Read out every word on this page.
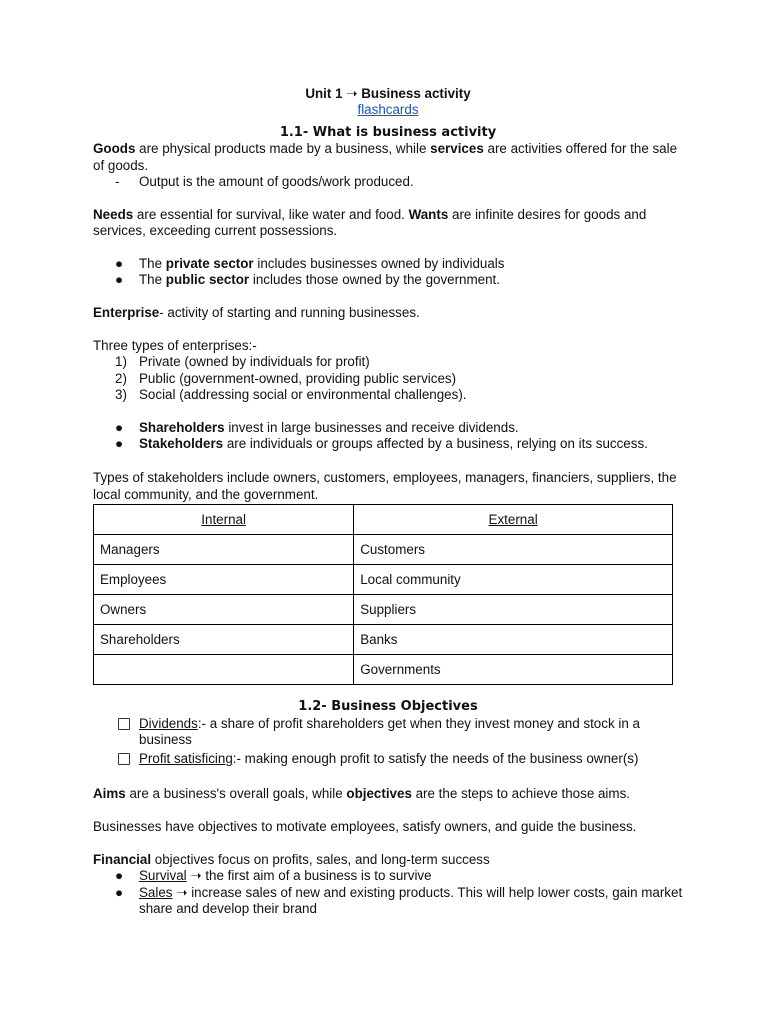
Unit 1 ➝ Business activity

flashcards

1.1- What is business activity

Goods are physical products made by a business, while services are activities offered for the sale of goods.

-	Output is the amount of goods/work produced.

Needs are essential for survival, like water and food. Wants are infinite desires for goods and services, exceeding current possessions.

●	The private sector includes businesses owned by individuals
●	The public sector includes those owned by the government.

Enterprise- activity of starting and running businesses.

Three types of enterprises:-

1) Private (owned by individuals for profit)
2) Public (government-owned, providing public services)
3) Social (addressing social or environmental challenges).
●	Shareholders invest in large businesses and receive dividends.
●	Stakeholders are individuals or groups affected by a business, relying on its success.

Types of stakeholders include owners, customers, employees, managers, financiers, suppliers, the local community, and the government.

Internal	External
Managers	Customers
Employees	Local community
Owners	Suppliers
Shareholders	Banks
	Governments

1.2- Business Objectives

Dividends:- a share of profit shareholders get when they invest money and stock in a business
Profit satisficing:- making enough profit to satisfy the needs of the business owner(s)

Aims are a business's overall goals, while objectives are the steps to achieve those aims.

Businesses have objectives to motivate employees, satisfy owners, and guide the business.

Financial objectives focus on profits, sales, and long-term success

●	Survival ➝ the first aim of a business is to survive
●	Sales ➝ increase sales of new and existing products. This will help lower costs, gain market share and develop their brand
